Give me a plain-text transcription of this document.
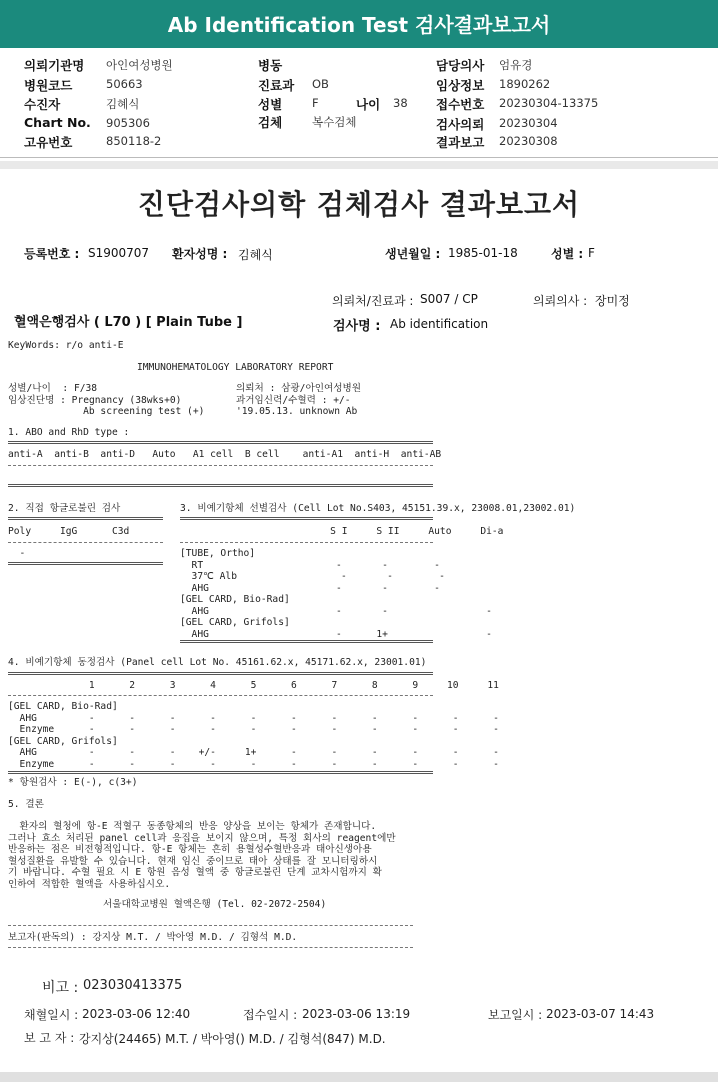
Ab Identification Test 검사결과보고서
의뢰기관명 아인여성병원
병원코드	50663
수진자	김혜식
Chart No. 905306
고유번호	850118-2
병동
진료과 OB
성별	F	나이 38
검체	복수검체
담당의사 엄유경
임상정보 1890262
접수번호 20230304-13375
검사의뢰 20230304
결과보고 20230308
진단검사의학 검체검사 결과보고서
등록번호 : S1900707 환자성명 : 김혜식	생년월일 : 1985-01-18	성별 : F
의뢰처/진료과 : S007 / CP	의뢰의사 : 장미정
혈액은행검사 ( L70 ) [ Plain Tube ]	검사명 : Ab identification
KeyWords: r/o anti-E
IMMUNOHEMATOLOGY LABORATORY REPORT
성별/나이  : F/38
임상진단명 : Pregnancy (38wks+0)
Ab screening test (+)
의뢰처 : 삼광/아인여성병원
과거임신력/수혈력 : +/-
'19.05.13. unknown Ab
1. ABO and RhD type :
anti-A  anti-B  anti-D   Auto   A1 cell  B cell    anti-A1  anti-H  anti-AB
2. 직접 항글로불린 검사
Poly     IgG      C3d
-
3. 비예기항체 선별검사 (Cell Lot No.S403, 45151.39.x, 23008.01,23002.01)
S I     S II     Auto     Di-a
[TUBE, Ortho]
RT                       -       -        -
37℃ Alb                  -       -        -
AHG                      -       -        -
[GEL CARD, Bio-Rad]
AHG                      -       -                 -
[GEL CARD, Grifols]
AHG                      -      1+                 -
4. 비예기항체 동정검사 (Panel cell Lot No. 45161.62.x, 45171.62.x, 23001.01)
1      2      3      4      5      6      7      8      9     10     11
[GEL CARD, Bio-Rad]
AHG         -      -      -      -      -      -      -      -      -      -      -
Enzyme      -      -      -      -      -      -      -      -      -      -      -
[GEL CARD, Grifols]
AHG         -      -      -    +/-     1+      -      -      -      -      -      -
Enzyme      -      -      -      -      -      -      -      -      -      -      -
* 항원검사 : E(-), c(3+)
5. 결론
환자의 혈청에 항-E 적혈구 동종항체의 반응 양상을 보이는 항체가 존재합니다.
그러나 효소 처리된 panel cell과 응집을 보이지 않으며, 특정 회사의 reagent에만
반응하는 점은 비전형적입니다. 항-E 항체는 흔히 용혈성수혈반응과 태아신생아용
혈성질환을 유발할 수 있습니다. 현재 임신 중이므로 태아 상태를 잘 모니터링하시
기 바랍니다. 수혈 필요 시 E 항원 음성 혈액 중 항글로불린 단계 교차시험까지 확
인하여 적합한 혈액을 사용하십시오.
서울대학교병원 혈액은행 (Tel. 02-2072-2504)
보고자(판독의) : 강지상 M.T. / 박아영 M.D. / 김형석 M.D.
비고 : 023030413375
채혈일시 : 2023-03-06 12:40	접수일시 : 2023-03-06 13:19	보고일시 : 2023-03-07 14:43
보 고 자 : 강지상(24465) M.T. / 박아영() M.D. / 김형석(847) M.D.
